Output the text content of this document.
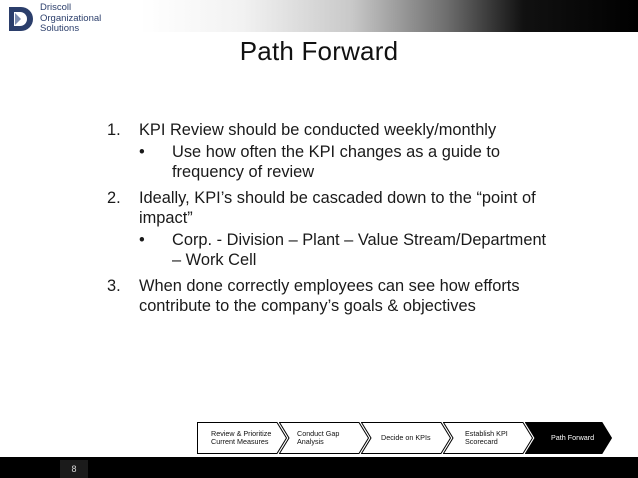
Driscoll
Organizational
Solutions
Path Forward
1. KPI Review should be conducted weekly/monthly
• Use how often the KPI changes as a guide to frequency of review
2. Ideally, KPI’s should be cascaded down to the “point of impact”
• Corp. - Division – Plant – Value Stream/Department – Work Cell
3. When done correctly employees can see how efforts contribute to the company’s goals & objectives
Review & Prioritize Current Measures
Conduct Gap Analysis	Decide on KPIs	Establish KPI Scorecard	Path Forward
8
